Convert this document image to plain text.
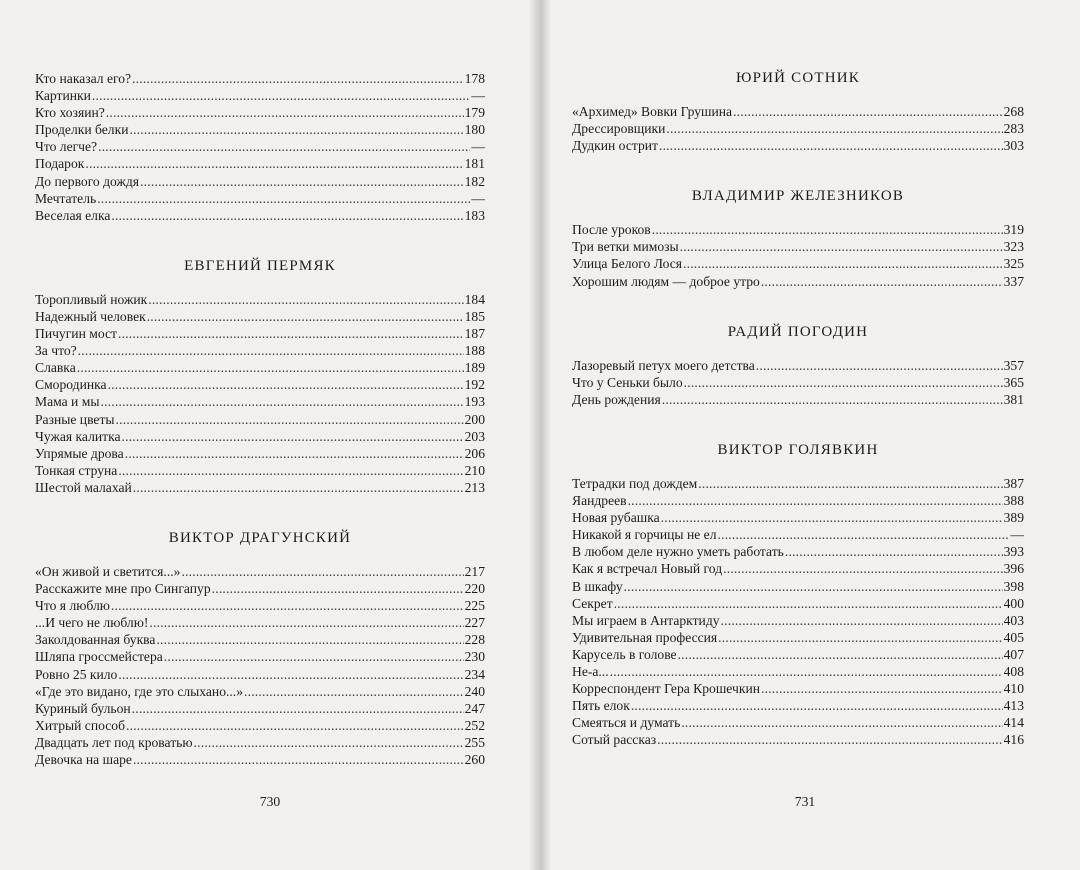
Кто наказал его? . . .	178
Картинки . . .	—
Кто хозяин? . . .	179
Проделки белки . . .	180
Что легче? . . .	—
Подарок . . .	181
До первого дождя . . .	182
Мечтатель . . .	—
Веселая елка . . .	183
ЕВГЕНИЙ ПЕРМЯК
Торопливый ножик . . .	184
Надежный человек . . .	185
Пичугин мост . . .	187
За что? . . .	188
Славка . . .	189
Смородинка . . .	192
Мама и мы . . .	193
Разные цветы . . .	200
Чужая калитка . . .	203
Упрямые дрова . . .	206
Тонкая струна . . .	210
Шестой малахай . . .	213
ВИКТОР ДРАГУНСКИЙ
«Он живой и светится...» . . .	217
Расскажите мне про Сингапур . . .	220
Что я люблю . . .	225
...И чего не люблю! . . .	227
Заколдованная буква . . .	228
Шляпа гроссмейстера . . .	230
Ровно 25 кило . . .	234
«Где это видано, где это слыхано...» . . .	240
Куриный бульон . . .	247
Хитрый способ . . .	252
Двадцать лет под кроватью . . .	255
Девочка на шаре . . .	260
730
ЮРИЙ СОТНИК
«Архимед» Вовки Грушина . . .	268
Дрессировщики . . .	283
Дудкин острит . . .	303
ВЛАДИМИР ЖЕЛЕЗНИКОВ
После уроков . . .	319
Три ветки мимозы . . .	323
Улица Белого Лося . . .	325
Хорошим людям — доброе утро . . .	337
РАДИЙ ПОГОДИН
Лазоревый петух моего детства . . .	357
Что у Сеньки было . . .	365
День рождения . . .	381
ВИКТОР ГОЛЯВКИН
Тетрадки под дождем . . .	387
Яандреев . . .	388
Новая рубашка . . .	389
Никакой я горчицы не ел . . .	—
В любом деле нужно уметь работать . . .	393
Как я встречал Новый год . . .	396
В шкафу . . .	398
Секрет . . .	400
Мы играем в Антарктиду . . .	403
Удивительная профессия . . .	405
Карусель в голове . . .	407
Не-а... . . .	408
Корреспондент Гера Крошечкин . . .	410
Пять елок . . .	413
Смеяться и думать . . .	414
Сотый рассказ . . .	416
731
